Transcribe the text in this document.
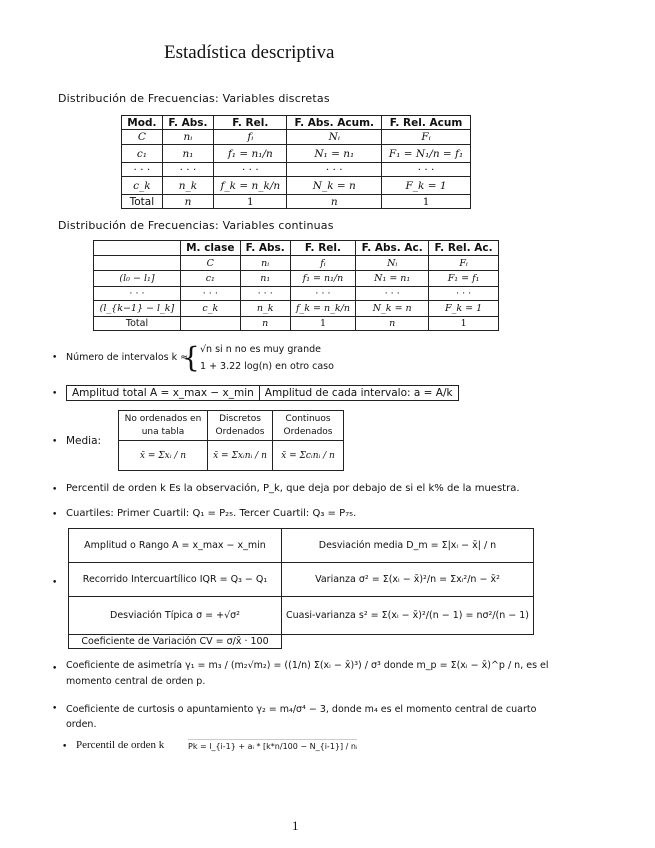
Estadística descriptiva
Distribución de Frecuencias: Variables discretas
Mod.	F. Abs.	F. Rel.	F. Abs. Acum.	F. Rel. Acum
C	nᵢ	fᵢ	Nᵢ	Fᵢ
c₁	n₁	f₁ = n₁/n	N₁ = n₁	F₁ = N₁/n = f₁
· · ·	· · ·	· · ·	· · ·	· · ·
c_k	n_k	f_k = n_k/n	N_k = n	F_k = 1
Total	n	1	n	1
Distribución de Frecuencias: Variables continuas
	M. clase	F. Abs.	F. Rel.	F. Abs. Ac.	F. Rel. Ac.
	C	nᵢ	fᵢ	Nᵢ	Fᵢ
(l₀ − l₁]	c₁	n₁	f₁ = n₁/n	N₁ = n₁	F₁ = f₁
· · ·	· · ·	· · ·	· · ·	· · ·	· · ·
(l_{k−1} − l_k]	c_k	n_k	f_k = n_k/n	N_k = n	F_k = 1
Total		n	1	n	1
• Número de intervalos k ≈
{ √n si n no es muy grande
1 + 3.22 log(n) en otro caso
•	Amplitud total A = x_max − x_min Amplitud de cada intervalo: a = A/k
• Media:
No ordenados en una tabla	Discretos Ordenados	Continuos Ordenados
x̄ = Σxᵢ / n	x̄ = Σxᵢnᵢ / n	x̄ = Σcᵢnᵢ / n
• Percentil de orden k Es la observación, P_k, que deja por debajo de si el k% de la muestra.
• Cuartiles: Primer Cuartil: Q₁ = P₂₅. Tercer Cuartil: Q₃ = P₇₅.
•
Amplitud o Rango A = x_max − x_min	Desviación media D_m = Σ|xᵢ − x̄| / n
Recorrido Intercuartílico IQR = Q₃ − Q₁	Varianza σ² = Σ(xᵢ − x̄)²/n = Σxᵢ²/n − x̄²
Desviación Típica σ = +√σ²	Cuasi-varianza s² = Σ(xᵢ − x̄)²/(n − 1) = nσ²/(n − 1)
Coeficiente de Variación CV = σ/x̄ · 100	
• Coeficiente de asimetría γ₁ = m₃ / (m₂√m₂) = ((1/n) Σ(xᵢ − x̄)³) / σ³ donde m_p = Σ(xᵢ − x̄)^p / n, es el momento central de orden p.
• Coeficiente de curtosis o apuntamiento γ₂ = m₄/σ⁴ − 3, donde m₄ es el momento central de cuarto orden.
• Percentil de orden k	Pk = l_{i-1} + aᵢ * [k*n/100 − N_{i-1}] / nᵢ
1
